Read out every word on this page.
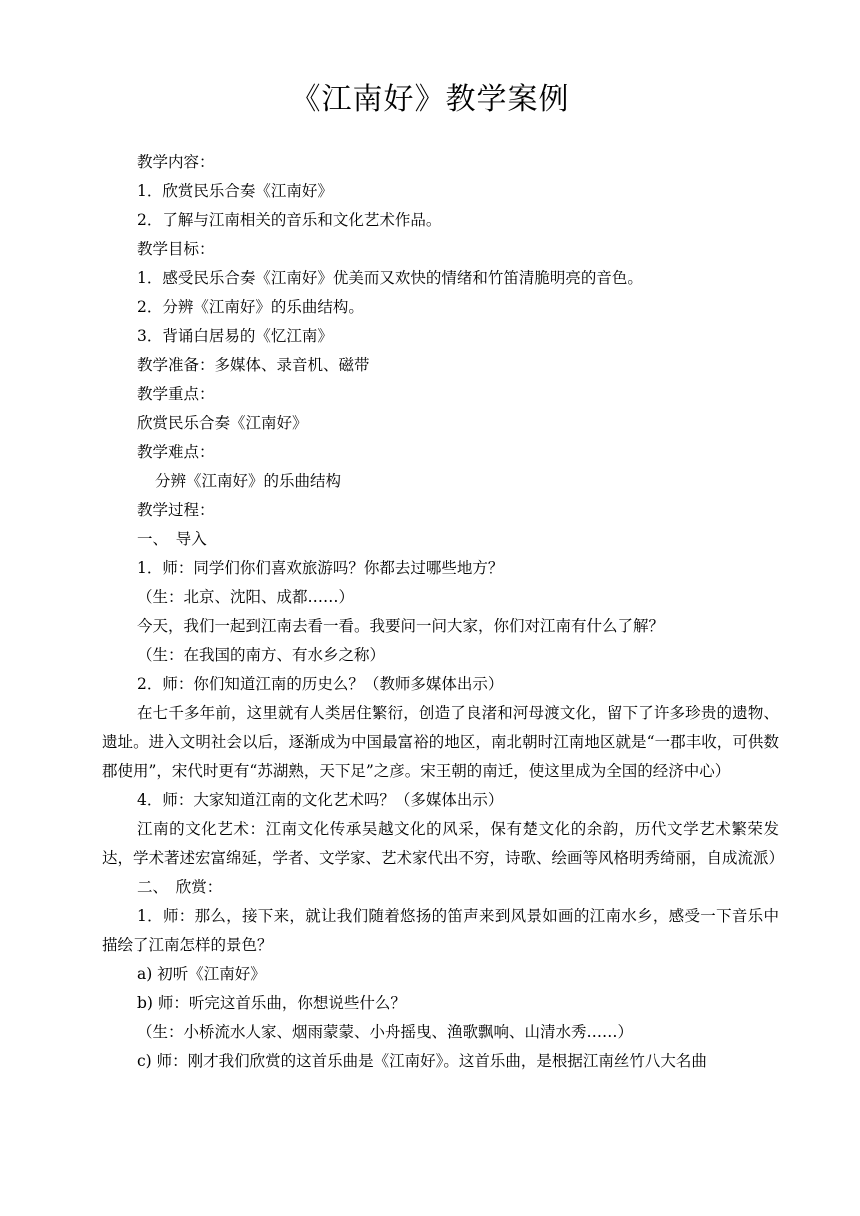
《江南好》教学案例
教学内容：
1．欣赏民乐合奏《江南好》
2．了解与江南相关的音乐和文化艺术作品。
教学目标：
1．感受民乐合奏《江南好》优美而又欢快的情绪和竹笛清脆明亮的音色。
2．分辨《江南好》的乐曲结构。
3．背诵白居易的《忆江南》
教学准备：多媒体、录音机、磁带
教学重点：
欣赏民乐合奏《江南好》
教学难点：
分辨《江南好》的乐曲结构
教学过程：
一、　导入
1．师：同学们你们喜欢旅游吗？你都去过哪些地方？
（生：北京、沈阳、成都……）
今天，我们一起到江南去看一看。我要问一问大家，你们对江南有什么了解？
（生：在我国的南方、有水乡之称）
2．师：你们知道江南的历史么？（教师多媒体出示）

在七千多年前，这里就有人类居住繁衍，创造了良渚和河母渡文化，留下了许多珍贵的遗物、遗址。进入文明社会以后，逐渐成为中国最富裕的地区，南北朝时江南地区就是“一郡丰收，可供数郡使用”，宋代时更有“苏湖熟，天下足”之彦。宋王朝的南迁，使这里成为全国的经济中心）

4．师：大家知道江南的文化艺术吗？（多媒体出示）

江南的文化艺术：江南文化传承吴越文化的风采，保有楚文化的余韵，历代文学艺术繁荣发达，学术著述宏富绵延，学者、文学家、艺术家代出不穷，诗歌、绘画等风格明秀绮丽，自成流派）

二、　欣赏：

1．师：那么，接下来，就让我们随着悠扬的笛声来到风景如画的江南水乡，感受一下音乐中描绘了江南怎样的景色？

a) 初听《江南好》
b) 师：听完这首乐曲，你想说些什么？
（生：小桥流水人家、烟雨蒙蒙、小舟摇曳、渔歌飘响、山清水秀……）
c) 师：刚才我们欣赏的这首乐曲是《江南好》。这首乐曲，是根据江南丝竹八大名曲
